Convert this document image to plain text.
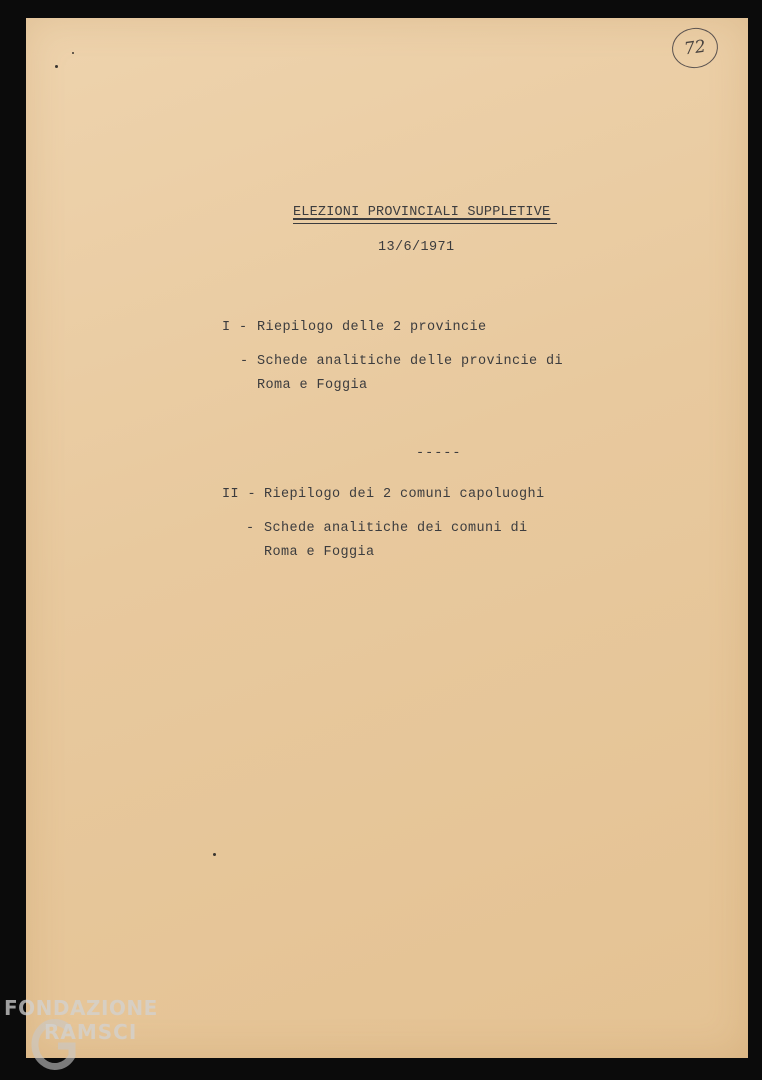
72
ELEZIONI PROVINCIALI SUPPLETIVE
13/6/1971
I - Riepilogo delle 2 provincie
- Schede analitiche delle provincie di
Roma e Foggia
-----
II - Riepilogo dei 2 comuni capoluoghi
- Schede analitiche dei comuni di
Roma e Foggia
FONDAZIONE
RAMSCI
